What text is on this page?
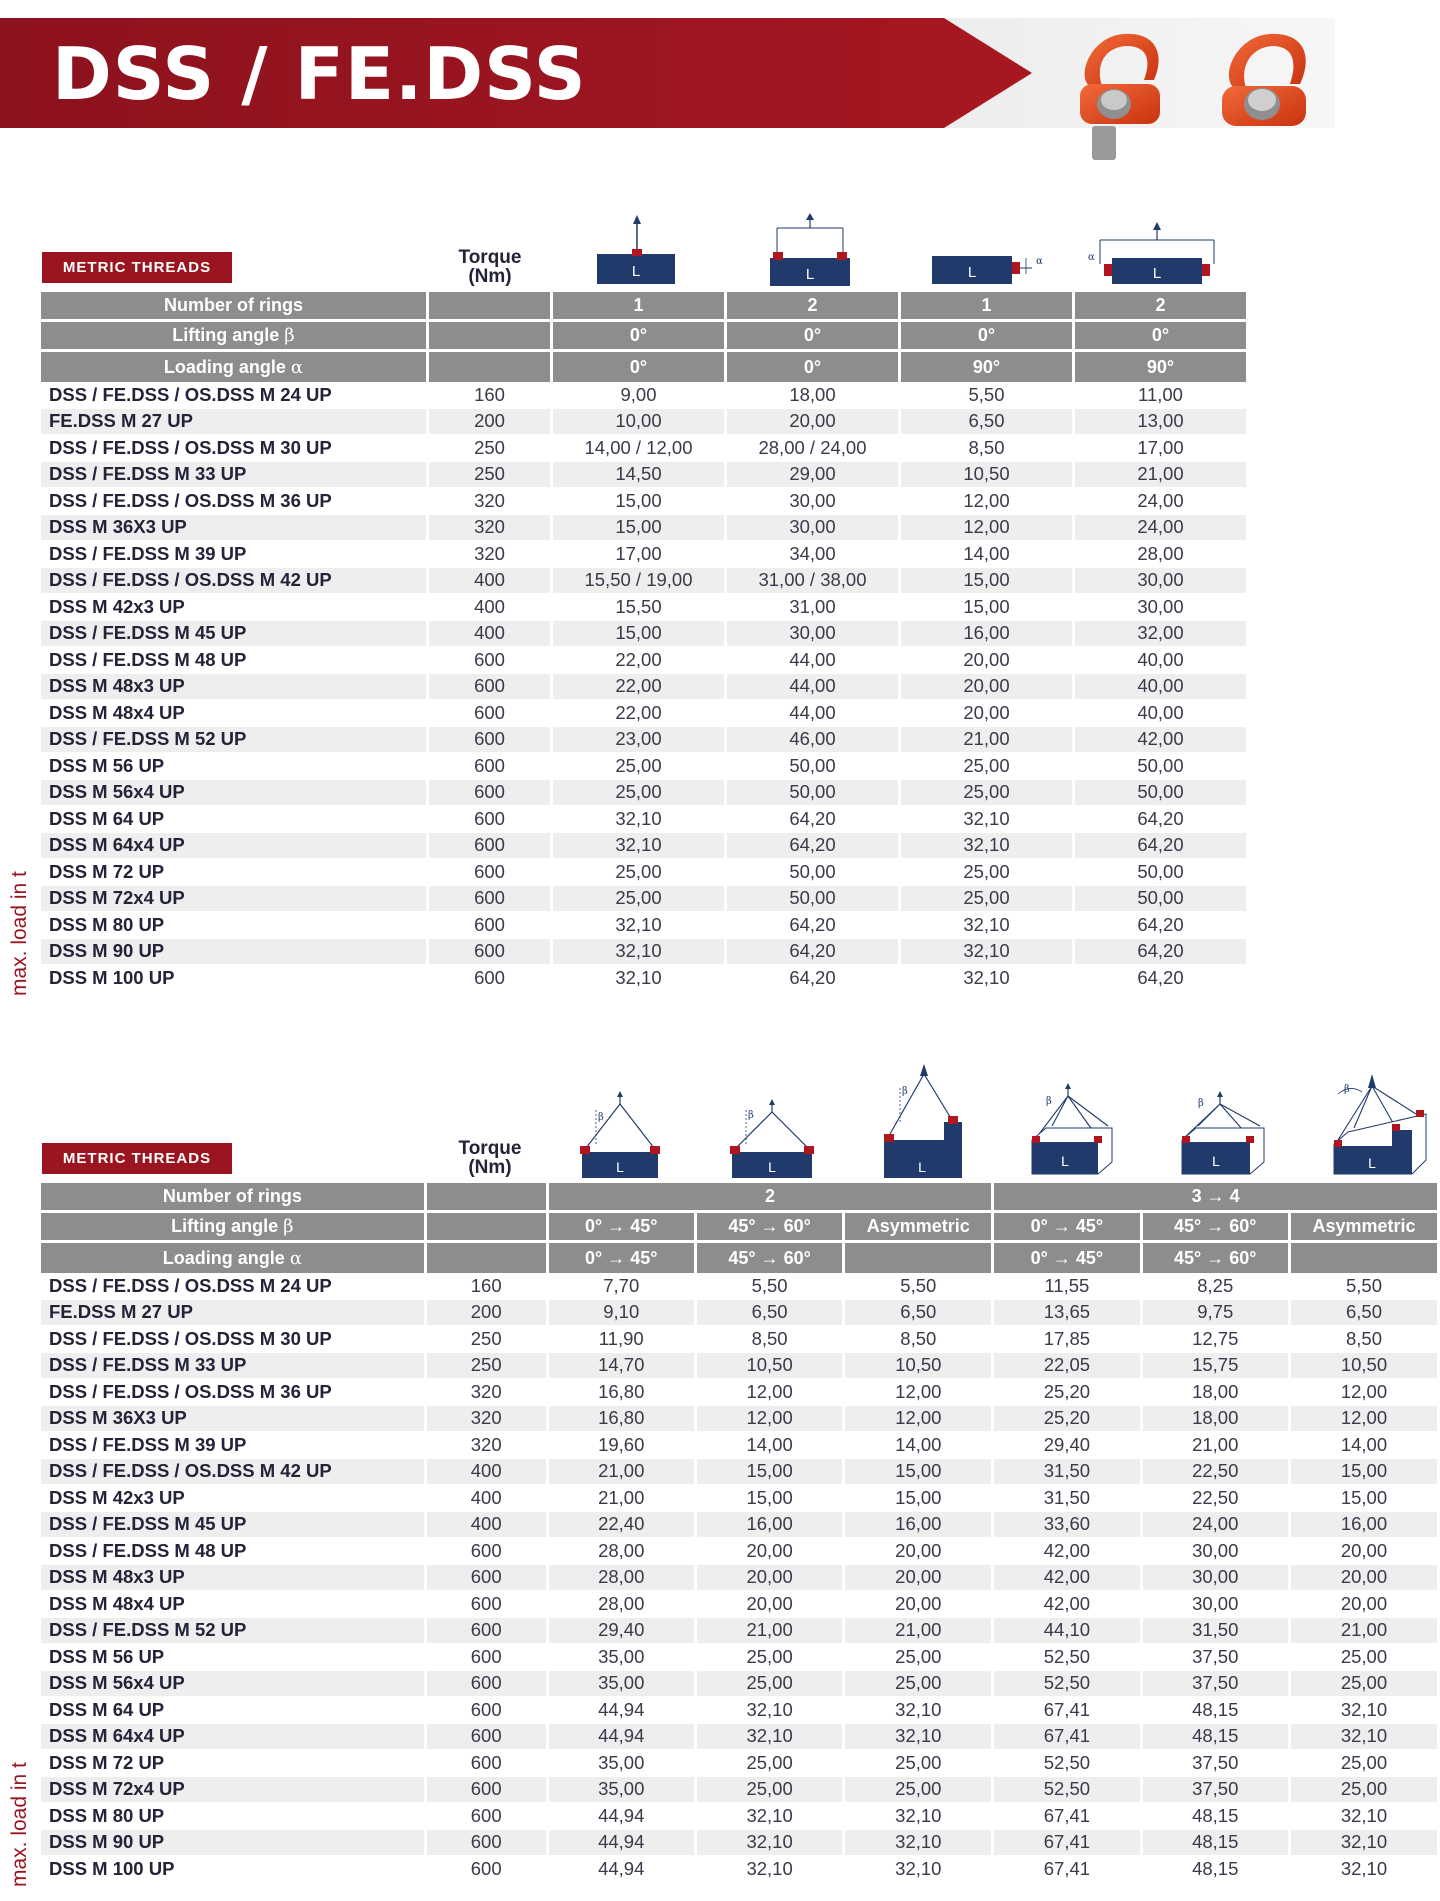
DSS / FE.DSS
METRIC THREADS	Torque
(Nm)	L	L
α
L
α
L
max. load in t
Number of rings		1	2	1	2
Lifting angle β		0°	0°	0°	0°
Loading angle α		0°	0°	90°	90°
DSS / FE.DSS / OS.DSS M 24 UP	160	9,00	18,00	5,50	11,00
FE.DSS M 27 UP	200	10,00	20,00	6,50	13,00
DSS / FE.DSS / OS.DSS M 30 UP	250	14,00 / 12,00	28,00 / 24,00	8,50	17,00
DSS / FE.DSS M 33 UP	250	14,50	29,00	10,50	21,00
DSS / FE.DSS / OS.DSS M 36 UP	320	15,00	30,00	12,00	24,00
DSS M 36X3 UP	320	15,00	30,00	12,00	24,00
DSS / FE.DSS M 39 UP	320	17,00	34,00	14,00	28,00
DSS / FE.DSS / OS.DSS M 42 UP	400	15,50 / 19,00	31,00 / 38,00	15,00	30,00
DSS M 42x3 UP	400	15,50	31,00	15,00	30,00
DSS / FE.DSS M 45 UP	400	15,00	30,00	16,00	32,00
DSS / FE.DSS M 48 UP	600	22,00	44,00	20,00	40,00
DSS M 48x3 UP	600	22,00	44,00	20,00	40,00
DSS M 48x4 UP	600	22,00	44,00	20,00	40,00
DSS / FE.DSS M 52 UP	600	23,00	46,00	21,00	42,00
DSS M 56 UP	600	25,00	50,00	25,00	50,00
DSS M 56x4 UP	600	25,00	50,00	25,00	50,00
DSS M 64 UP	600	32,10	64,20	32,10	64,20
DSS M 64x4 UP	600	32,10	64,20	32,10	64,20
DSS M 72 UP	600	25,00	50,00	25,00	50,00
DSS M 72x4 UP	600	25,00	50,00	25,00	50,00
DSS M 80 UP	600	32,10	64,20	32,10	64,20
DSS M 90 UP	600	32,10	64,20	32,10	64,20
DSS M 100 UP	600	32,10	64,20	32,10	64,20
METRIC THREADS	Torque
(Nm)
β
L
β
L
β
L
β
L
β
L
β
L
max. load in t
Number of rings		2			3 → 4		
Lifting angle β		0° → 45°	45° → 60°	Asymmetric	0° → 45°	45° → 60°	Asymmetric
Loading angle α		0° → 45°	45° → 60°		0° → 45°	45° → 60°	
DSS / FE.DSS / OS.DSS M 24 UP	160	7,70	5,50	5,50	11,55	8,25	5,50
FE.DSS M 27 UP	200	9,10	6,50	6,50	13,65	9,75	6,50
DSS / FE.DSS / OS.DSS M 30 UP	250	11,90	8,50	8,50	17,85	12,75	8,50
DSS / FE.DSS M 33 UP	250	14,70	10,50	10,50	22,05	15,75	10,50
DSS / FE.DSS / OS.DSS M 36 UP	320	16,80	12,00	12,00	25,20	18,00	12,00
DSS M 36X3 UP	320	16,80	12,00	12,00	25,20	18,00	12,00
DSS / FE.DSS M 39 UP	320	19,60	14,00	14,00	29,40	21,00	14,00
DSS / FE.DSS / OS.DSS M 42 UP	400	21,00	15,00	15,00	31,50	22,50	15,00
DSS M 42x3 UP	400	21,00	15,00	15,00	31,50	22,50	15,00
DSS / FE.DSS M 45 UP	400	22,40	16,00	16,00	33,60	24,00	16,00
DSS / FE.DSS M 48 UP	600	28,00	20,00	20,00	42,00	30,00	20,00
DSS M 48x3 UP	600	28,00	20,00	20,00	42,00	30,00	20,00
DSS M 48x4 UP	600	28,00	20,00	20,00	42,00	30,00	20,00
DSS / FE.DSS M 52 UP	600	29,40	21,00	21,00	44,10	31,50	21,00
DSS M 56 UP	600	35,00	25,00	25,00	52,50	37,50	25,00
DSS M 56x4 UP	600	35,00	25,00	25,00	52,50	37,50	25,00
DSS M 64 UP	600	44,94	32,10	32,10	67,41	48,15	32,10
DSS M 64x4 UP	600	44,94	32,10	32,10	67,41	48,15	32,10
DSS M 72 UP	600	35,00	25,00	25,00	52,50	37,50	25,00
DSS M 72x4 UP	600	35,00	25,00	25,00	52,50	37,50	25,00
DSS M 80 UP	600	44,94	32,10	32,10	67,41	48,15	32,10
DSS M 90 UP	600	44,94	32,10	32,10	67,41	48,15	32,10
DSS M 100 UP	600	44,94	32,10	32,10	67,41	48,15	32,10
